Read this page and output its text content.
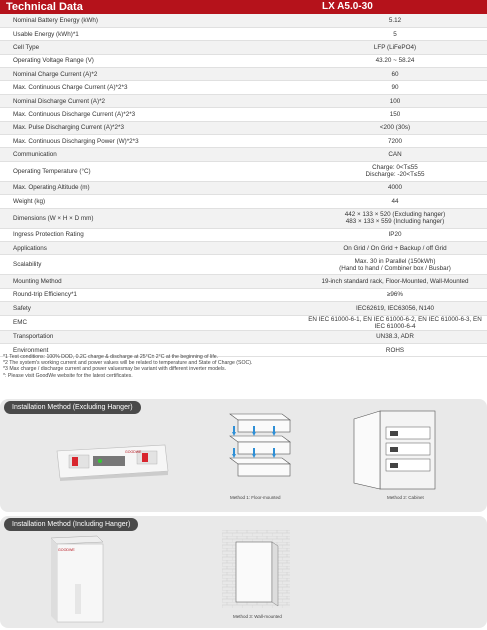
Technical Data	LX A5.0-30
Nominal Battery Energy (kWh)	5.12
Usable Energy (kWh)*1	5
Cell Type	LFP (LiFePO4)
Operating Voltage Range (V)	43.20 ~ 58.24
Nominal Charge Current (A)*2	60
Max. Continuous Charge Current (A)*2*3	90
Nominal Discharge Current (A)*2	100
Max. Continuous Discharge Current (A)*2*3	150
Max. Pulse Discharging Current (A)*2*3	<200 (30s)
Max. Continuous Discharging Power (W)*2*3	7200
Communication	CAN
Operating Temperature (°C)	Charge: 0<T≤55
Discharge: -20<T≤55
Max. Operating Altitude (m)	4000
Weight (kg)	44
Dimensions (W × H × D mm)	442 × 133 × 520 (Excluding hanger)
483 × 133 × 559 (Including hanger)
Ingress Protection Rating	IP20
Applications	On Grid / On Grid + Backup / off Grid
Scalability	Max. 30 in Parallel (150kWh)
(Hand to hand / Combiner box / Busbar)
Mounting Method	19-inch standard rack, Floor-Mounted, Wall-Mounted
Round-trip Efficiency*1	≥96%
Safety	IEC62619, IEC63056, N140
EMC	EN IEC 61000-6-1, EN IEC 61000-6-2, EN IEC 61000-6-3, EN IEC 61000-6-4
Transportation	UN38.3, ADR
Environment	ROHS
*1 Test conditions: 100% DOD, 0.2C charge & discharge at 25°C± 2°C at the beginning of life.
*2 The system's working current and power values will be related to temperature and State of Charge (SOC).
*3 Max charge / discharge current and power valuesmay be variant with different inverter models.
*: Please visit GoodWe website for the latest certificates.
Installation Method (Excluding Hanger)
GOODWE
Method 1: Floor-mounted	Method 2: Cabinet
Installation Method (Including Hanger)
GOODWE
Method 3: Wall-mounted
